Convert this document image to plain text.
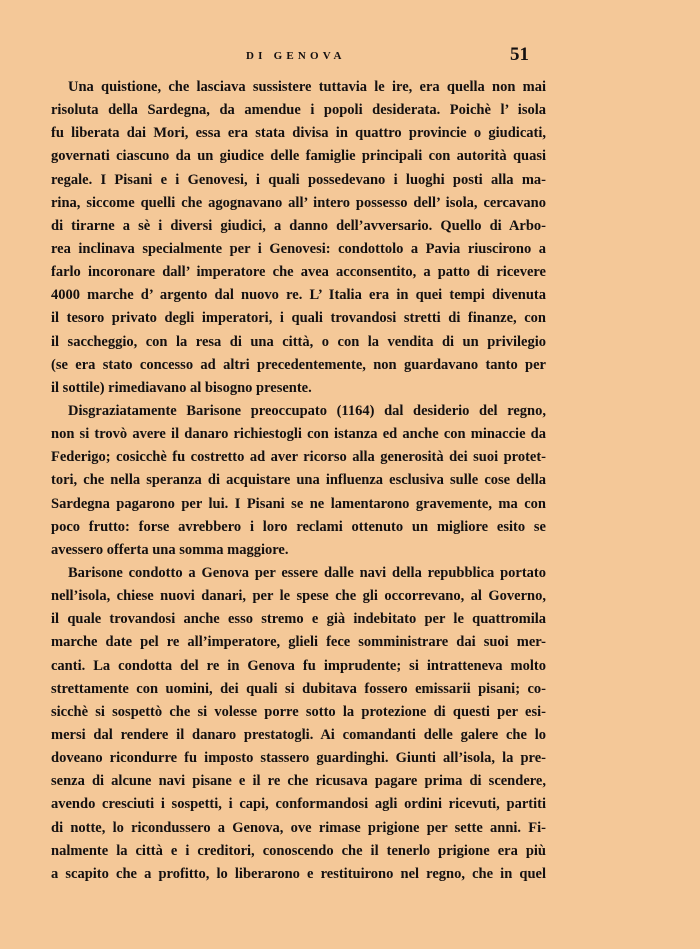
DI GENOVA	51
Una quistione, che lasciava sussistere tuttavia le ire, era quella non mai
risoluta della Sardegna, da amendue i popoli desiderata. Poichè l’ isola
fu liberata dai Mori, essa era stata divisa in quattro provincie o giudicati,
governati ciascuno da un giudice delle famiglie principali con autorità quasi
regale. I Pisani e i Genovesi, i quali possedevano i luoghi posti alla ma-
rina, siccome quelli che agognavano all’ intero possesso dell’ isola, cercavano
di tirarne a sè i diversi giudici, a danno dell’avversario. Quello di Arbo-
rea inclinava specialmente per i Genovesi: condottolo a Pavia riuscirono a
farlo incoronare dall’ imperatore che avea acconsentito, a patto di ricevere
4000 marche d’ argento dal nuovo re. L’ Italia era in quei tempi divenuta
il tesoro privato degli imperatori, i quali trovandosi stretti di finanze, con
il saccheggio, con la resa di una città, o con la vendita di un privilegio
(se era stato concesso ad altri precedentemente, non guardavano tanto per
il sottile) rimediavano al bisogno presente.
Disgraziatamente Barisone preoccupato (1164) dal desiderio del regno,
non si trovò avere il danaro richiestogli con istanza ed anche con minaccie da
Federigo; cosicchè fu costretto ad aver ricorso alla generosità dei suoi protet-
tori, che nella speranza di acquistare una influenza esclusiva sulle cose della
Sardegna pagarono per lui. I Pisani se ne lamentarono gravemente, ma con
poco frutto: forse avrebbero i loro reclami ottenuto un migliore esito se
avessero offerta una somma maggiore.
Barisone condotto a Genova per essere dalle navi della repubblica portato
nell’isola, chiese nuovi danari, per le spese che gli occorrevano, al Governo,
il quale trovandosi anche esso stremo e già indebitato per le quattromila
marche date pel re all’imperatore, glieli fece somministrare dai suoi mer-
canti. La condotta del re in Genova fu imprudente; si intratteneva molto
strettamente con uomini, dei quali si dubitava fossero emissarii pisani; co-
sicchè si sospettò che si volesse porre sotto la protezione di questi per esi-
mersi dal rendere il danaro prestatogli. Ai comandanti delle galere che lo
doveano ricondurre fu imposto stassero guardinghi. Giunti all’isola, la pre-
senza di alcune navi pisane e il re che ricusava pagare prima di scendere,
avendo cresciuti i sospetti, i capi, conformandosi agli ordini ricevuti, partiti
di notte, lo ricondussero a Genova, ove rimase prigione per sette anni. Fi-
nalmente la città e i creditori, conoscendo che il tenerlo prigione era più
a scapito che a profitto, lo liberarono e restituirono nel regno, che in quel
